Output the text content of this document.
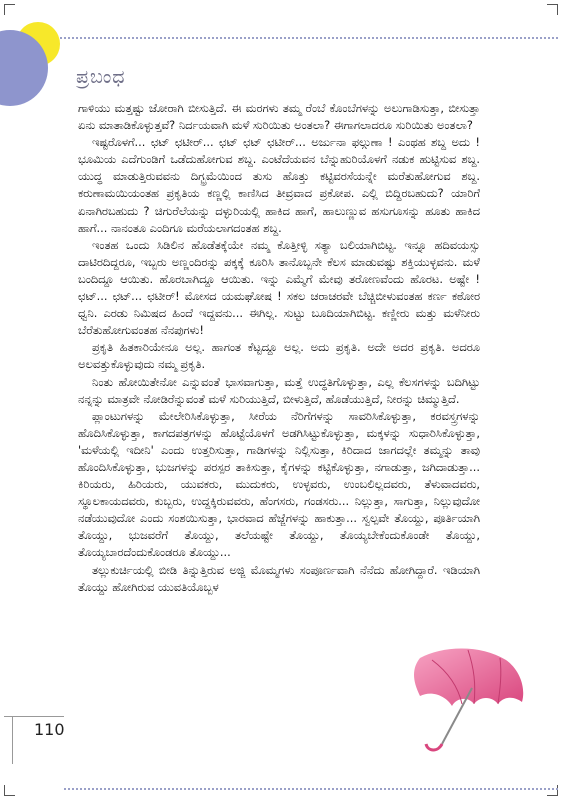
ಪ್ರಬಂಧ

ಗಾಳಿಯು ಮತ್ತಷ್ಟು ಜೋರಾಗಿ ಬೀಸುತ್ತಿದೆ. ಈ ಮರಗಳು ತಮ್ಮ ರೆಂಬೆ ಕೊಂಬೆಗಳನ್ನು ಅಲುಗಾಡಿಸುತ್ತಾ, ಬೀಸುತ್ತಾ ಏನು ಮಾತಾಡಿಕೊಳ್ಳುತ್ತವೆ? ನಿರ್ದಯವಾಗಿ ಮಳೆ ಸುರಿಯಿತು ಅಂತಲಾ? ಈಗಾಗಲಾದರೂ ಸುರಿಯಿತು ಅಂತಲಾ?

ಇಷ್ಟರೊಳಗೆ... ಛಟ್ ಛಟೀರ್... ಛಟ್ ಛಟ್ ಛಟೀರ್... ಅರ್ಜುನಾ ಫಲ್ಗುಣಾ ! ಎಂಥಹ ಶಬ್ದ ಅದು ! ಭೂಮಿಯ ಎದೆಗುಂಡಿಗೆ ಒಡೆದುಹೋಗುವ ಶಬ್ದ. ಎಂಟೆದೆಯವನ ಬೆನ್ನುಹುರಿಯೊಳಗೆ ನಡುಕ ಹುಟ್ಟಿಸುವ ಶಬ್ದ. ಯುದ್ಧ ಮಾಡುತ್ತಿರುವವನು ದಿಗ್ಭ್ರಮೆಯಿಂದ ತುಸು ಹೊತ್ತು ಕಟ್ಟಿವರಸೆಯನ್ನೇ ಮರೆತುಹೋಗುವ ಶಬ್ದ. ಕರುಣಾಮಯಿಯಂತಹ ಪ್ರಕೃತಿಯ ಕಣ್ಣಲ್ಲಿ ಕಾಣಿಸಿದ ತೀವ್ರವಾದ ಪ್ರಕೋಪ. ಎಲ್ಲಿ ಬಿದ್ದಿರಬಹುದು? ಯಾರಿಗೆ ಏನಾಗಿರಬಹುದು ? ಚಿಗುರೆಲೆಯನ್ನು ದಳ್ಳುರಿಯಲ್ಲಿ ಹಾಕಿದ ಹಾಗೆ, ಹಾಲುಣ್ಣುವ ಹಸುಗೂಸನ್ನು ಹೂತು ಹಾಕಿದ ಹಾಗೆ... ನಾನಂತೂ ಎಂದಿಗೂ ಮರೆಯಲಾಗದಂತಹ ಶಬ್ದ.

ಇಂತಹ ಒಂದು ಸಿಡಿಲಿನ ಹೊಡೆತಕ್ಕೆಯೇ ನಮ್ಮ ಕೊತ್ತೀಳ್ಳಿ ಸತ್ಯಾ ಬಲಿಯಾಗಿಬಿಟ್ಟ. ಇನ್ನೂ ಹದಿವಯಸ್ಸು ದಾಟಿರದಿದ್ದರೂ, ಇಬ್ಬರು ಅಣ್ಣಂದಿರನ್ನು ಪಕ್ಕಕ್ಕೆ ಕೂರಿಸಿ ತಾನೊಬ್ಬನೇ ಕೆಲಸ ಮಾಡುವಷ್ಟು ಶಕ್ತಿಯುಳ್ಳವನು. ಮಳೆ ಬಂದಿದ್ದೂ ಆಯಿತು. ಹೊರಬಾಗಿದ್ದೂ ಆಯಿತು. ಇನ್ನು ಎಮ್ಮೆಗೆ ಮೇವು ತರೋಣವೆಂದು ಹೊರಟ. ಅಷ್ಟೇ ! ಛಟ್... ಛಟ್... ಛಟೀರ್! ಮೋಸದ ಯಮಘೋಷ ! ಸಕಲ ಚರಾಚರವೇ ಬೆಚ್ಚಿಬೀಳುವಂತಹ ಕರ್ಣ ಕಠೋರ ಧ್ವನಿ. ಎರಡು ನಿಮಿಷದ ಹಿಂದೆ ಇದ್ದವನು... ಈಗಿಲ್ಲ. ಸುಟ್ಟು ಬೂದಿಯಾಗಿಬಿಟ್ಟ. ಕಣ್ಣೀರು ಮತ್ತು ಮಳೆನೀರು ಬೆರೆತುಹೋಗುವಂತಹ ನೆನಪುಗಳು!

ಪ್ರಕೃತಿ ಹಿತಕಾರಿಯೇನೂ ಅಲ್ಲ. ಹಾಗಂತ ಕೆಟ್ಟದ್ದೂ ಅಲ್ಲ. ಅದು ಪ್ರಕೃತಿ. ಅದೇ ಅದರ ಪ್ರಕೃತಿ. ಅದರೂ ಅಲವತ್ತುಕೊಳ್ಳುವುದು ನಮ್ಮ ಪ್ರಕೃತಿ.

ನಿಂತು ಹೋಯಿತೇನೋ ಎನ್ನುವಂತೆ ಭಾಸವಾಗುತ್ತಾ, ಮತ್ತೆ ಉದ್ಧತಿಗೊಳ್ಳುತ್ತಾ, ಎಲ್ಲ ಕೆಲಸಗಳನ್ನು ಬದಿಗಿಟ್ಟು ನನ್ನನ್ನು ಮಾತ್ರವೇ ನೋಡಿರೆನ್ನುವಂತೆ ಮಳೆ ಸುರಿಯುತ್ತಿದೆ, ಬೀಳುತ್ತಿದೆ, ಹೊಡೆಯುತ್ತಿದೆ, ನೀರನ್ನು ಚಿಮ್ಮುತ್ತಿದೆ.

ಪ್ಲಾಂಟುಗಳನ್ನು ಮೇಲೇರಿಸಿಕೊಳ್ಳುತ್ತಾ, ಸೀರೆಯ ನೆರಿಗೆಗಳನ್ನು ಸಾವರಿಸಿಕೊಳ್ಳುತ್ತಾ, ಕರವಸ್ತ್ರಗಳನ್ನು ಹೊದಿಸಿಕೊಳ್ಳುತ್ತಾ, ಕಾಗದಪತ್ರಗಳನ್ನು ಹೊಟ್ಟೆಯೊಳಗೆ ಅಡಗಿಸಿಟ್ಟುಕೊಳ್ಳುತ್ತಾ, ಮಕ್ಕಳನ್ನು ಸುಧಾರಿಸಿಕೊಳ್ಳುತ್ತಾ, 'ಮಳೆಯಲ್ಲಿ ಇದೀನಿ' ಎಂದು ಉತ್ತರಿಸುತ್ತಾ, ಗಾಡಿಗಳನ್ನು ನಿಲ್ಲಿಸುತ್ತಾ, ಕಿರಿದಾದ ಜಾಗದಲ್ಲೇ ತಮ್ಮನ್ನು ತಾವು ಹೊಂದಿಸಿಕೊಳ್ಳುತ್ತಾ, ಭುಜಗಳನ್ನು ಪರಸ್ಪರ ತಾಕಿಸುತ್ತಾ, ಕೈಗಳನ್ನು ಕಟ್ಟಿಕೊಳ್ಳುತ್ತಾ, ನಗಾಡುತ್ತಾ, ಜಗಿದಾಡುತ್ತಾ... ಕಿರಿಯರು, ಹಿರಿಯರು, ಯುವಕರು, ಮುದುಕರು, ಉಳ್ಳವರು, ಉಂಬಲಿಲ್ಲದವರು, ತೆಳುವಾದವರು, ಸ್ಥೂಲಕಾಯದವರು, ಕುಬ್ಬರು, ಉದ್ದಕ್ಕಿರುವವರು, ಹೆಂಗಸರು, ಗಂಡಸರು... ನಿಲ್ಲುತ್ತಾ, ಸಾಗುತ್ತಾ, ನಿಲ್ಲುವುದೋ ನಡೆಯುವುದೋ ಎಂದು ಸಂಶಯಿಸುತ್ತಾ, ಭಾರವಾದ ಹೆಜ್ಜೆಗಳನ್ನು ಹಾಕುತ್ತಾ... ಸ್ವಲ್ಪವೇ ತೊಯ್ದು, ಪೂರ್ತಿಯಾಗಿ ತೊಯ್ದು, ಭುಜವರೆಗೆ ತೊಯ್ದು, ತಲೆಯಷ್ಟೇ ತೊಯ್ದು, ತೊಯ್ಯಬೇಕೆಂದುಕೊಂಡೇ ತೊಯ್ದು, ತೊಯ್ಯಬಾರದೆಂದುಕೊಂಡರೂ ತೊಯ್ದು...

ತಲ್ಲುಕುರ್ಚಿಯಲ್ಲಿ ಬೀಡಿ ತಿನ್ನುತ್ತಿರುವ ಅಜ್ಜಿ ಮೊಮ್ಮಗಳು ಸಂಪೂರ್ಣವಾಗಿ ನೆನೆದು ಹೋಗಿದ್ದಾರೆ. ಇಡಿಯಾಗಿ ತೊಯ್ದು ಹೋಗಿರುವ ಯುವತಿಯೊಬ್ಬಳ

110
